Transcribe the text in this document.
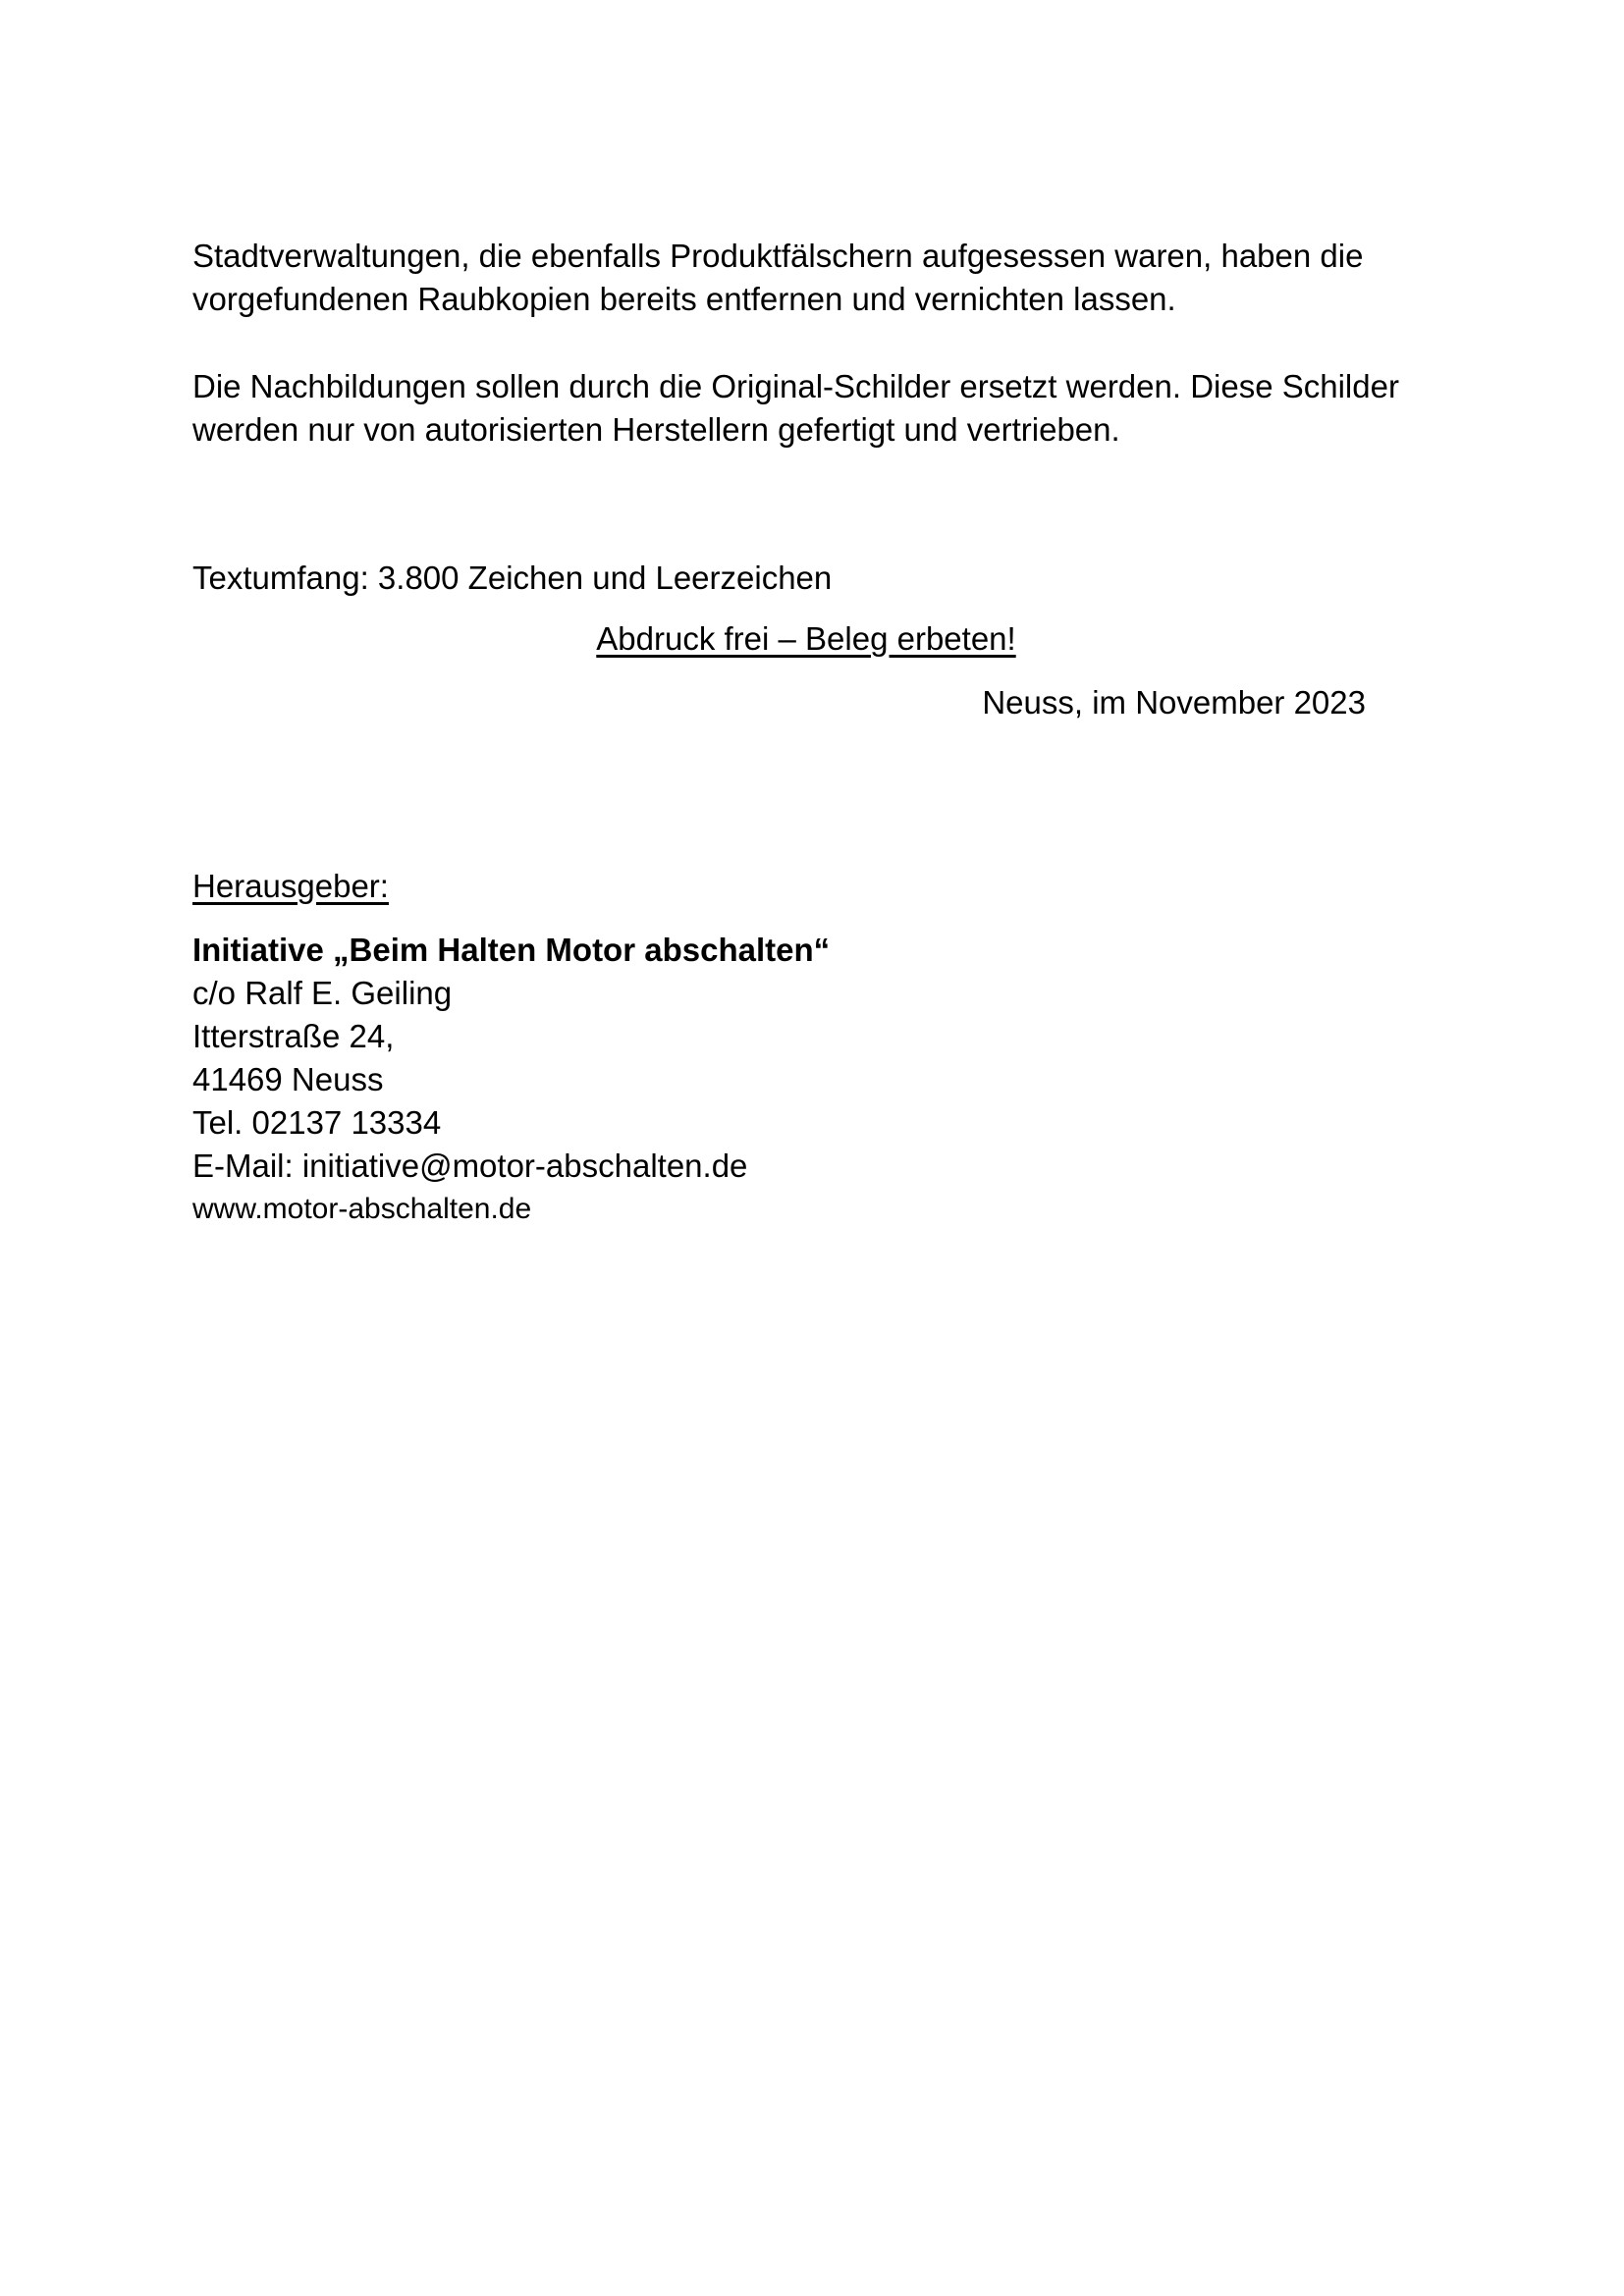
Stadtverwaltungen, die ebenfalls Produktfälschern aufgesessen waren, haben die
vorgefundenen Raubkopien bereits entfernen und vernichten lassen.
Die Nachbildungen sollen durch die Original-Schilder ersetzt werden. Diese Schilder
werden nur von autorisierten Herstellern gefertigt und vertrieben.
Textumfang: 3.800 Zeichen und Leerzeichen
Abdruck frei – Beleg erbeten!
Neuss, im November 2023
Herausgeber:
Initiative „Beim Halten Motor abschalten“
c/o Ralf E. Geiling
Itterstraße 24,
41469 Neuss
Tel. 02137 13334
E-Mail: initiative@motor-abschalten.de
www.motor-abschalten.de
